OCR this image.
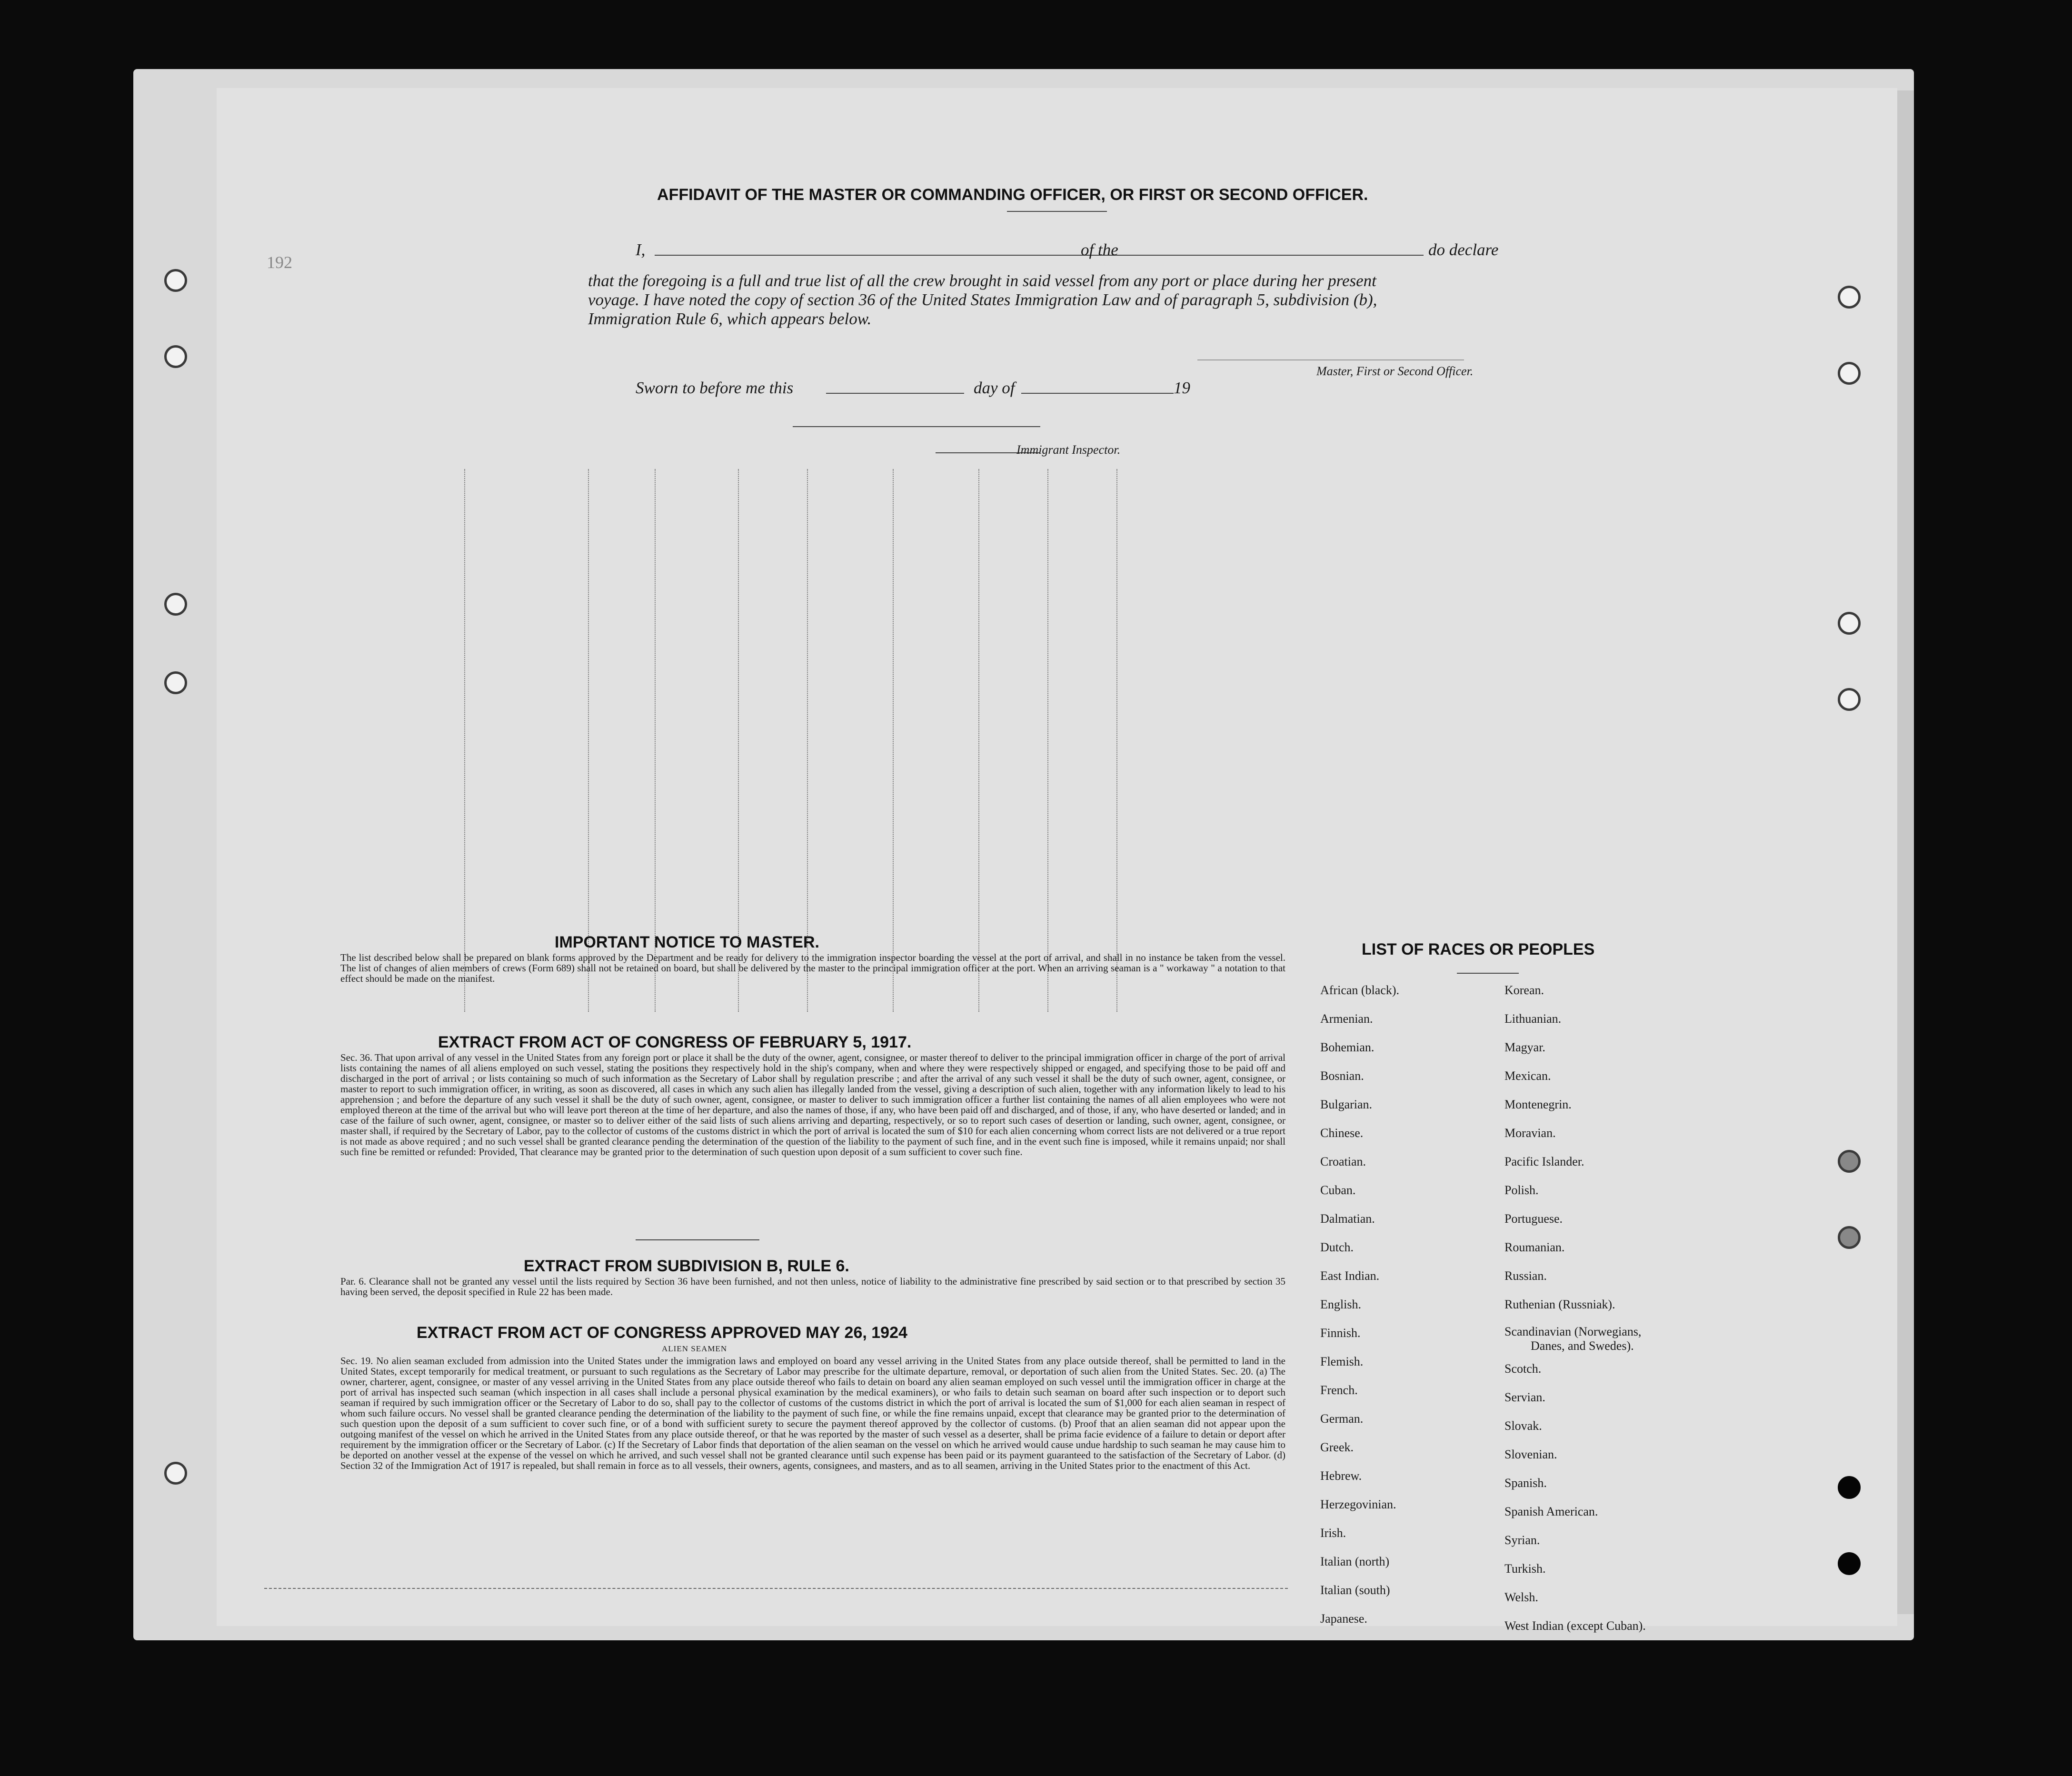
AFFIDAVIT OF THE MASTER OR COMMANDING OFFICER, OR FIRST OR SECOND OFFICER.
192
I,	of the	do declare
that the foregoing is a full and true list of all the crew brought in said vessel from any port or place during her present
voyage. I have noted the copy of section 36 of the United States Immigration Law and of paragraph 5, subdivision (b),
Immigration Rule 6, which appears below.
Master, First or Second Officer.
Sworn to before me this	day of	19
Immigrant Inspector.
IMPORTANT NOTICE TO MASTER.
The list described below shall be prepared on blank forms approved by the Department and be ready for delivery to the immigration inspector boarding the vessel at the port of arrival, and shall in no instance be taken from the vessel. The list of changes of alien members of crews (Form 689) shall not be retained on board, but shall be delivered by the master to the principal immigration officer at the port. When an arriving seaman is a " workaway " a notation to that effect should be made on the manifest.
EXTRACT FROM ACT OF CONGRESS OF FEBRUARY 5, 1917.
Sec. 36. That upon arrival of any vessel in the United States from any foreign port or place it shall be the duty of the owner, agent, consignee, or master thereof to deliver to the principal immigration officer in charge of the port of arrival lists containing the names of all aliens employed on such vessel, stating the positions they respectively hold in the ship's company, when and where they were respectively shipped or engaged, and specifying those to be paid off and discharged in the port of arrival ; or lists containing so much of such information as the Secretary of Labor shall by regulation prescribe ; and after the arrival of any such vessel it shall be the duty of such owner, agent, consignee, or master to report to such immigration officer, in writing, as soon as discovered, all cases in which any such alien has illegally landed from the vessel, giving a description of such alien, together with any information likely to lead to his apprehension ; and before the departure of any such vessel it shall be the duty of such owner, agent, consignee, or master to deliver to such immigration officer a further list containing the names of all alien employees who were not employed thereon at the time of the arrival but who will leave port thereon at the time of her departure, and also the names of those, if any, who have been paid off and discharged, and of those, if any, who have deserted or landed; and in case of the failure of such owner, agent, consignee, or master so to deliver either of the said lists of such aliens arriving and departing, respectively, or so to report such cases of desertion or landing, such owner, agent, consignee, or master shall, if required by the Secretary of Labor, pay to the collector of customs of the customs district in which the port of arrival is located the sum of $10 for each alien concerning whom correct lists are not delivered or a true report is not made as above required ; and no such vessel shall be granted clearance pending the determination of the question of the liability to the payment of such fine, and in the event such fine is imposed, while it remains unpaid; nor shall such fine be remitted or refunded: Provided, That clearance may be granted prior to the determination of such question upon deposit of a sum sufficient to cover such fine.
EXTRACT FROM SUBDIVISION B, RULE 6.
Par. 6. Clearance shall not be granted any vessel until the lists required by Section 36 have been furnished, and not then unless, notice of liability to the administrative fine prescribed by said section or to that prescribed by section 35 having been served, the deposit specified in Rule 22 has been made.
EXTRACT FROM ACT OF CONGRESS APPROVED MAY 26, 1924
ALIEN SEAMEN
Sec. 19. No alien seaman excluded from admission into the United States under the immigration laws and employed on board any vessel arriving in the United States from any place outside thereof, shall be permitted to land in the United States, except temporarily for medical treatment, or pursuant to such regulations as the Secretary of Labor may prescribe for the ultimate departure, removal, or deportation of such alien from the United States. Sec. 20. (a) The owner, charterer, agent, consignee, or master of any vessel arriving in the United States from any place outside thereof who fails to detain on board any alien seaman employed on such vessel until the immigration officer in charge at the port of arrival has inspected such seaman (which inspection in all cases shall include a personal physical examination by the medical examiners), or who fails to detain such seaman on board after such inspection or to deport such seaman if required by such immigration officer or the Secretary of Labor to do so, shall pay to the collector of customs of the customs district in which the port of arrival is located the sum of $1,000 for each alien seaman in respect of whom such failure occurs. No vessel shall be granted clearance pending the determination of the liability to the payment of such fine, or while the fine remains unpaid, except that clearance may be granted prior to the determination of such question upon the deposit of a sum sufficient to cover such fine, or of a bond with sufficient surety to secure the payment thereof approved by the collector of customs. (b) Proof that an alien seaman did not appear upon the outgoing manifest of the vessel on which he arrived in the United States from any place outside thereof, or that he was reported by the master of such vessel as a deserter, shall be prima facie evidence of a failure to detain or deport after requirement by the immigration officer or the Secretary of Labor. (c) If the Secretary of Labor finds that deportation of the alien seaman on the vessel on which he arrived would cause undue hardship to such seaman he may cause him to be deported on another vessel at the expense of the vessel on which he arrived, and such vessel shall not be granted clearance until such expense has been paid or its payment guaranteed to the satisfaction of the Secretary of Labor. (d) Section 32 of the Immigration Act of 1917 is repealed, but shall remain in force as to all vessels, their owners, agents, consignees, and masters, and as to all seamen, arriving in the United States prior to the enactment of this Act.
LIST OF RACES OR PEOPLES
African (black).
Armenian.
Bohemian.
Bosnian.
Bulgarian.
Chinese.
Croatian.
Cuban.
Dalmatian.
Dutch.
East Indian.
English.
Finnish.
Flemish.
French.
German.
Greek.
Hebrew.
Herzegovinian.
Irish.
Italian (north)
Italian (south)
Japanese.
Korean.
Lithuanian.
Magyar.
Mexican.
Montenegrin.
Moravian.
Pacific Islander.
Polish.
Portuguese.
Roumanian.
Russian.
Ruthenian (Russniak).
Scandinavian (Norwegians,
Danes, and Swedes).
Scotch.
Servian.
Slovak.
Slovenian.
Spanish.
Spanish American.
Syrian.
Turkish.
Welsh.
West Indian (except Cuban).
